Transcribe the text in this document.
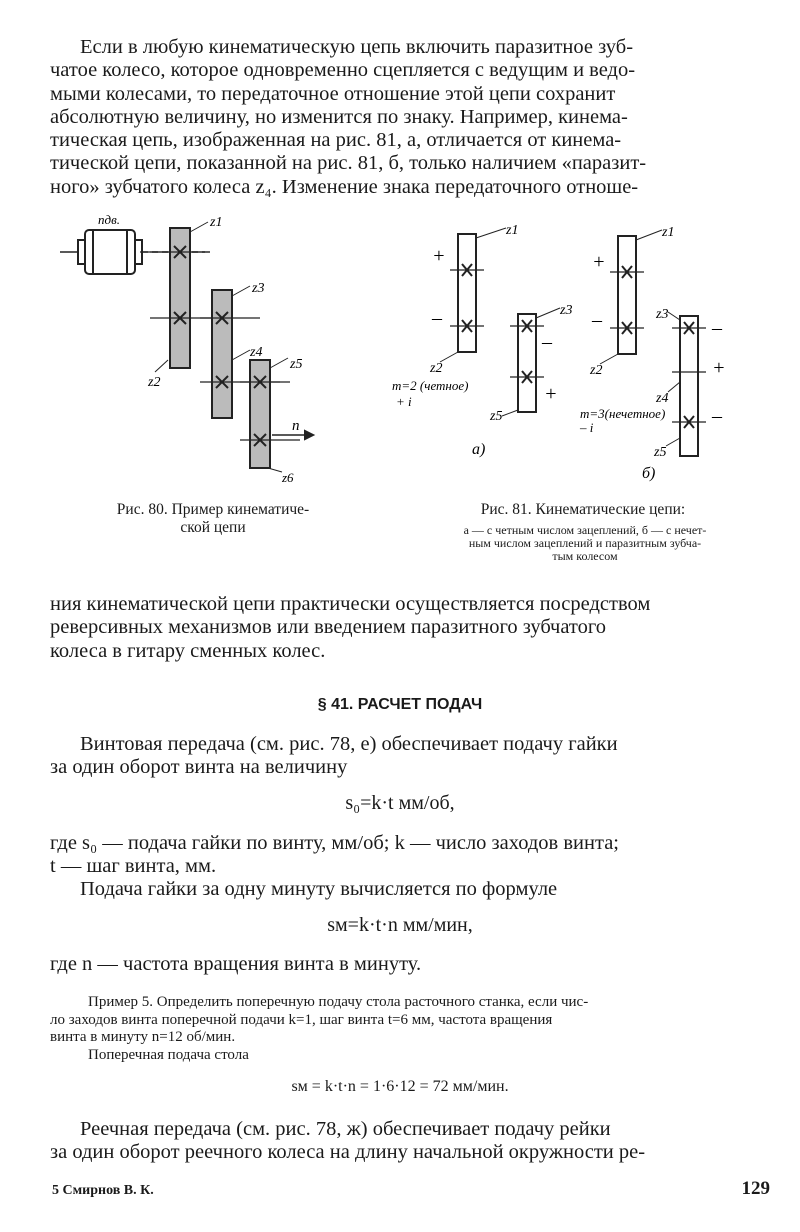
Если в любую кинематическую цепь включить паразитное зуб-
чатое колесо, которое одновременно сцепляется с ведущим и ведо-
мыми колесами, то передаточное отношение этой цепи сохранит
абсолютную величину, но изменится по знаку. Например, кинема-
тическая цепь, изображенная на рис. 81, а, отличается от кинема-
тической цепи, показанной на рис. 81, б, только наличием «паразит-
ного» зубчатого колеса z₄. Изменение знака передаточного отноше-
nдв.	z1
z2
z3
z4
z5
z6
n
Рис. 80. Пример кинематиче-
ской цепи
z1
z2
z3
z5
m=2 (четное)
+ i
+
–
–
+
а)
z1
z2
z3
z4
z5
m=3(нечетное)
– i
+
–	–
+
–
б)
Рис. 81. Кинематические цепи:
а — с четным числом зацеплений, б — с нечет-
ным числом зацеплений и паразитным зубча-
тым колесом
ния кинематической цепи практически осуществляется посредством
реверсивных механизмов или введением паразитного зубчатого
колеса в гитару сменных колес.
§ 41. РАСЧЕТ ПОДАЧ
Винтовая передача (см. рис. 78, е) обеспечивает подачу гайки
за один оборот винта на величину
s₀=k·t мм/об,
где s₀ — подача гайки по винту, мм/об; k — число заходов винта;
t — шаг винта, мм.
Подача гайки за одну минуту вычисляется по формуле
sм=k·t·n мм/мин,
где n — частота вращения винта в минуту.
Пример 5. Определить поперечную подачу стола расточного станка, если чис-
ло заходов винта поперечной подачи k=1, шаг винта t=6 мм, частота вращения
винта в минуту n=12 об/мин.
Поперечная подача стола
sм = k·t·n = 1·6·12 = 72 мм/мин.
Реечная передача (см. рис. 78, ж) обеспечивает подачу рейки
за один оборот реечного колеса на длину начальной окружности ре-
5 Смирнов В. К.	129
